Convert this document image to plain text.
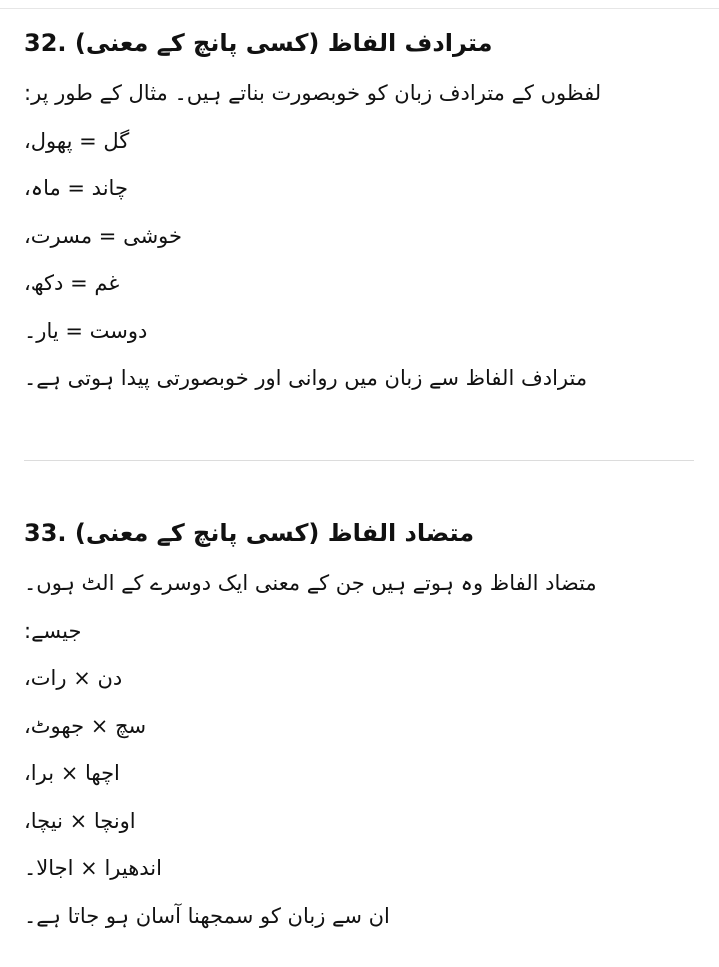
32. مترادف الفاظ (کسی پانچ کے معنی)
لفظوں کے مترادف زبان کو خوبصورت بناتے ہیں۔ مثال کے طور پر:
گل = پھول،
چاند = ماہ،
خوشی = مسرت،
غم = دکھ،
دوست = یار۔
مترادف الفاظ سے زبان میں روانی اور خوبصورتی پیدا ہوتی ہے۔
33. متضاد الفاظ (کسی پانچ کے معنی)
متضاد الفاظ وہ ہوتے ہیں جن کے معنی ایک دوسرے کے الٹ ہوں۔
جیسے:
دن × رات،
سچ × جھوٹ،
اچھا × برا،
اونچا × نیچا،
اندھیرا × اجالا۔
ان سے زبان کو سمجھنا آسان ہو جاتا ہے۔
